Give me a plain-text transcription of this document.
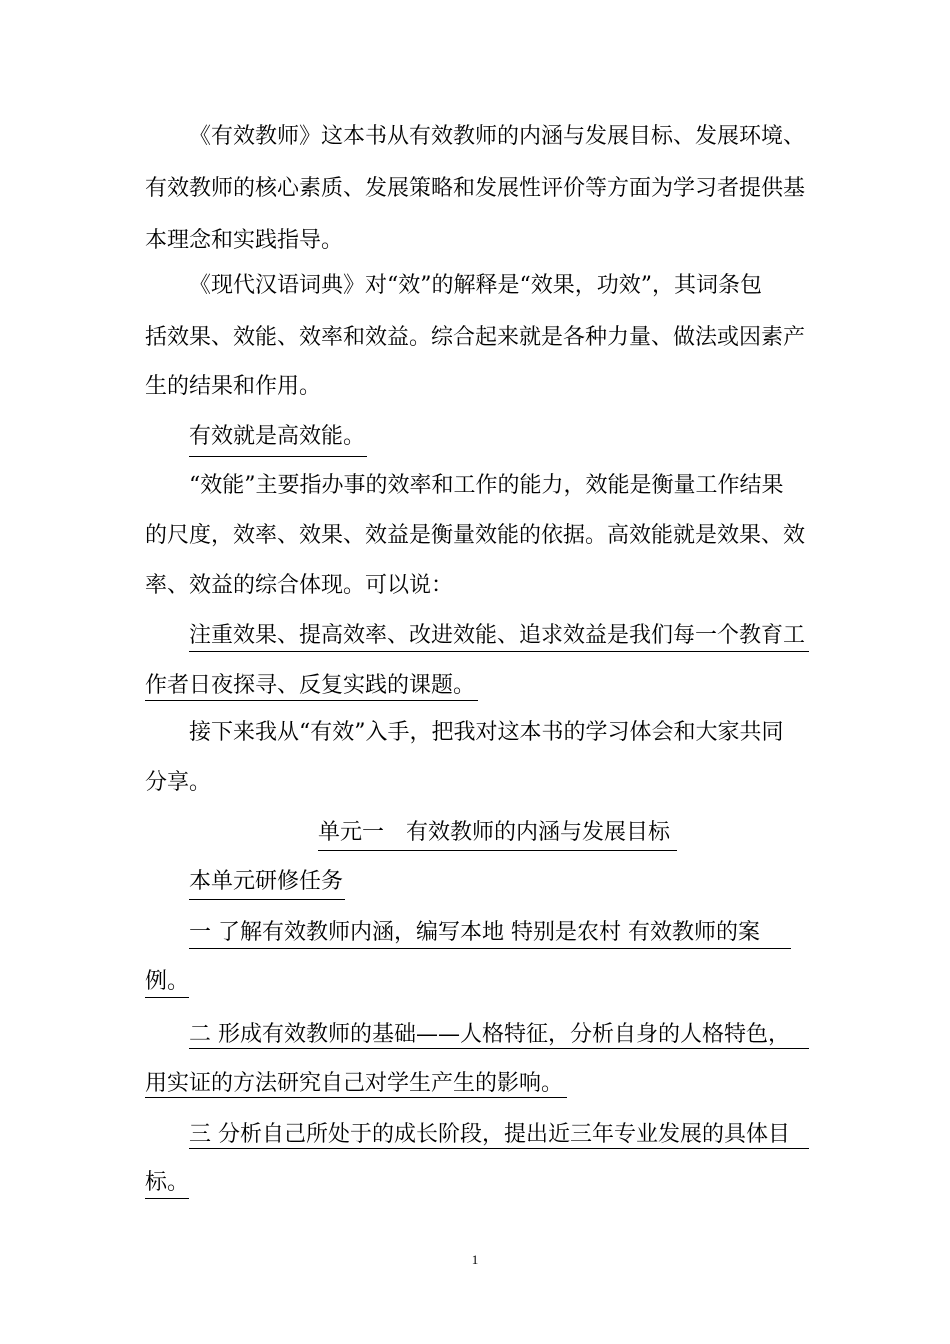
《有效教师》这本书从有效教师的内涵与发展目标、发展环境、
有效教师的核心素质、发展策略和发展性评价等方面为学习者提供基
本理念和实践指导。
《现代汉语词典》对“效”的解释是“效果，功效”，其词条包
括效果、效能、效率和效益。综合起来就是各种力量、做法或因素产
生的结果和作用。
有效就是高效能。
“效能”主要指办事的效率和工作的能力，效能是衡量工作结果
的尺度，效率、效果、效益是衡量效能的依据。高效能就是效果、效
率、效益的综合体现。可以说：
注重效果、提高效率、改进效能、追求效益是我们每一个教育工
作者日夜探寻、反复实践的课题。
接下来我从“有效”入手，把我对这本书的学习体会和大家共同
分享。
单元一　有效教师的内涵与发展目标
本单元研修任务
一 了解有效教师内涵，编写本地 特别是农村 有效教师的案
例。
二 形成有效教师的基础——人格特征，分析自身的人格特色，
用实证的方法研究自己对学生产生的影响。
三 分析自己所处于的成长阶段，提出近三年专业发展的具体目
标。
1
